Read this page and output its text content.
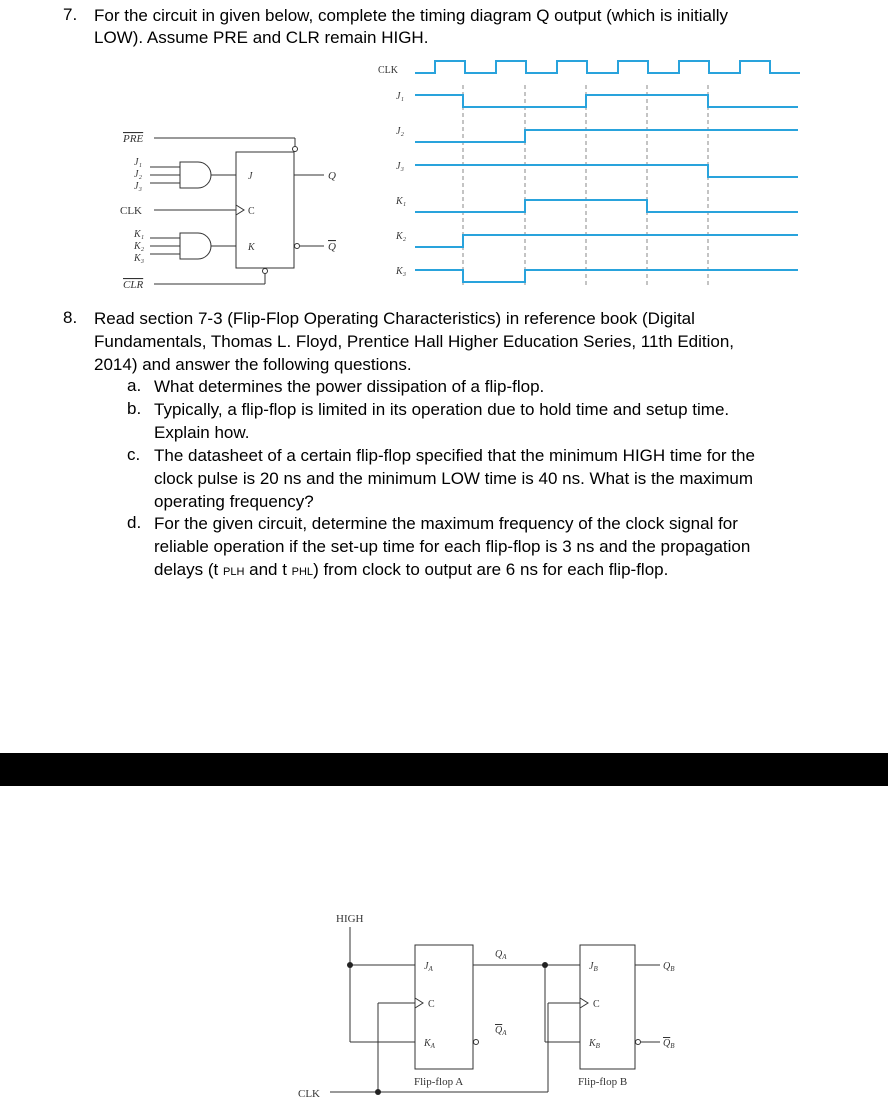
7. For the circuit in given below, complete the timing diagram Q output (which is initially
LOW). Assume PRE and CLR remain HIGH.
PRE
J₁
J₂
J₃
CLK
K₁
K₂
K₃
CLR
J
C
K
Q
Q
CLK
J₁
J₂
J₃
K₁
K₂
K₃
8. Read section 7-3 (Flip-Flop Operating Characteristics) in reference book (Digital
Fundamentals, Thomas L. Floyd, Prentice Hall Higher Education Series, 11th Edition,
2014) and answer the following questions.
a. What determines the power dissipation of a flip-flop.
b. Typically, a flip-flop is limited in its operation due to hold time and setup time.
Explain how.
c. The datasheet of a certain flip-flop specified that the minimum HIGH time for the
clock pulse is 20 ns and the minimum LOW time is 40 ns. What is the maximum
operating frequency?
d. For the given circuit, determine the maximum frequency of the clock signal for
reliable operation if the set-up time for each flip-flop is 3 ns and the propagation
delays (t PLH and t PHL) from clock to output are 6 ns for each flip-flop.
HIGH
CLK
$J_A$
C
$K_A$
$J_B$
C
$K_B$
$Q_A$
$Q_A$
$Q_B$
$Q_B$
Flip-flop A	Flip-flop B
